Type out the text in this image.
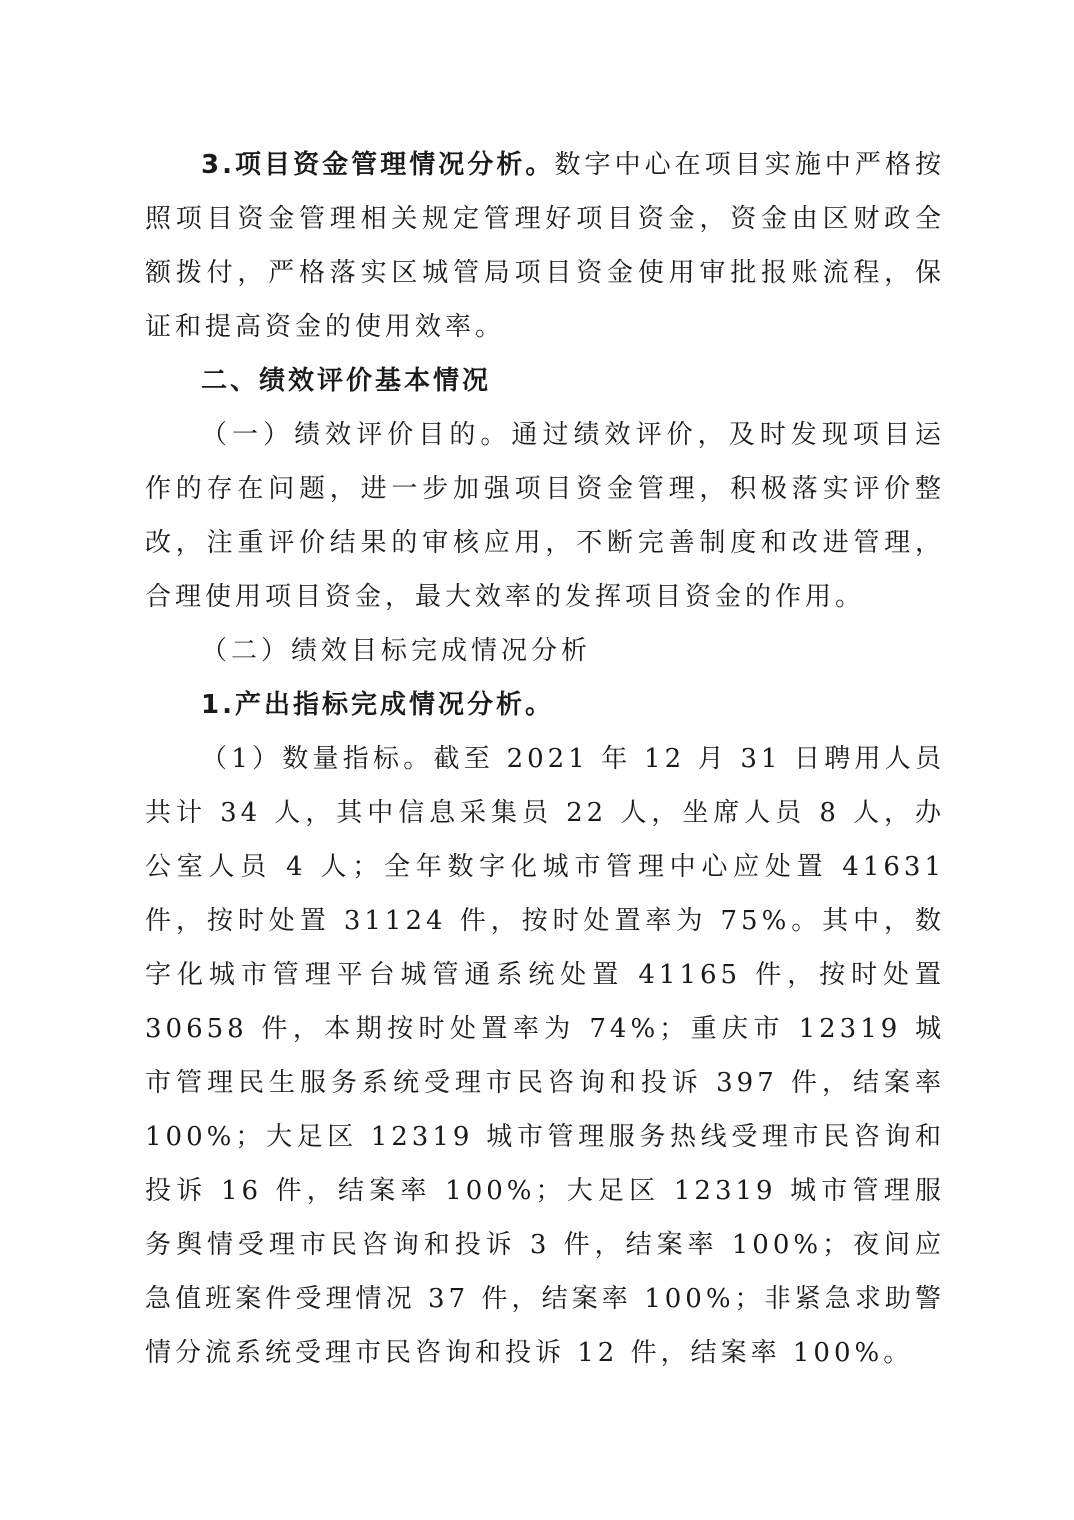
3.项目资金管理情况分析。数字中心在项目实施中严格按照项目资金管理相关规定管理好项目资金，资金由区财政全额拨付，严格落实区城管局项目资金使用审批报账流程，保证和提高资金的使用效率。

二、绩效评价基本情况

（一）绩效评价目的。通过绩效评价，及时发现项目运作的存在问题，进一步加强项目资金管理，积极落实评价整改，注重评价结果的审核应用，不断完善制度和改进管理，合理使用项目资金，最大效率的发挥项目资金的作用。

（二）绩效目标完成情况分析

1.产出指标完成情况分析。

（1）数量指标。截至 2021 年 12 月 31 日聘用人员共计 34 人，其中信息采集员 22 人，坐席人员 8 人，办公室人员 4 人；全年数字化城市管理中心应处置 41631 件，按时处置 31124 件，按时处置率为 75%。其中，数字化城市管理平台城管通系统处置 41165 件，按时处置 30658 件，本期按时处置率为 74%；重庆市 12319 城市管理民生服务系统受理市民咨询和投诉 397 件，结案率 100%；大足区 12319 城市管理服务热线受理市民咨询和投诉 16 件，结案率 100%；大足区 12319 城市管理服务舆情受理市民咨询和投诉 3 件，结案率 100%；夜间应急值班案件受理情况 37 件，结案率 100%；非紧急求助警情分流系统受理市民咨询和投诉 12 件，结案率 100%。
